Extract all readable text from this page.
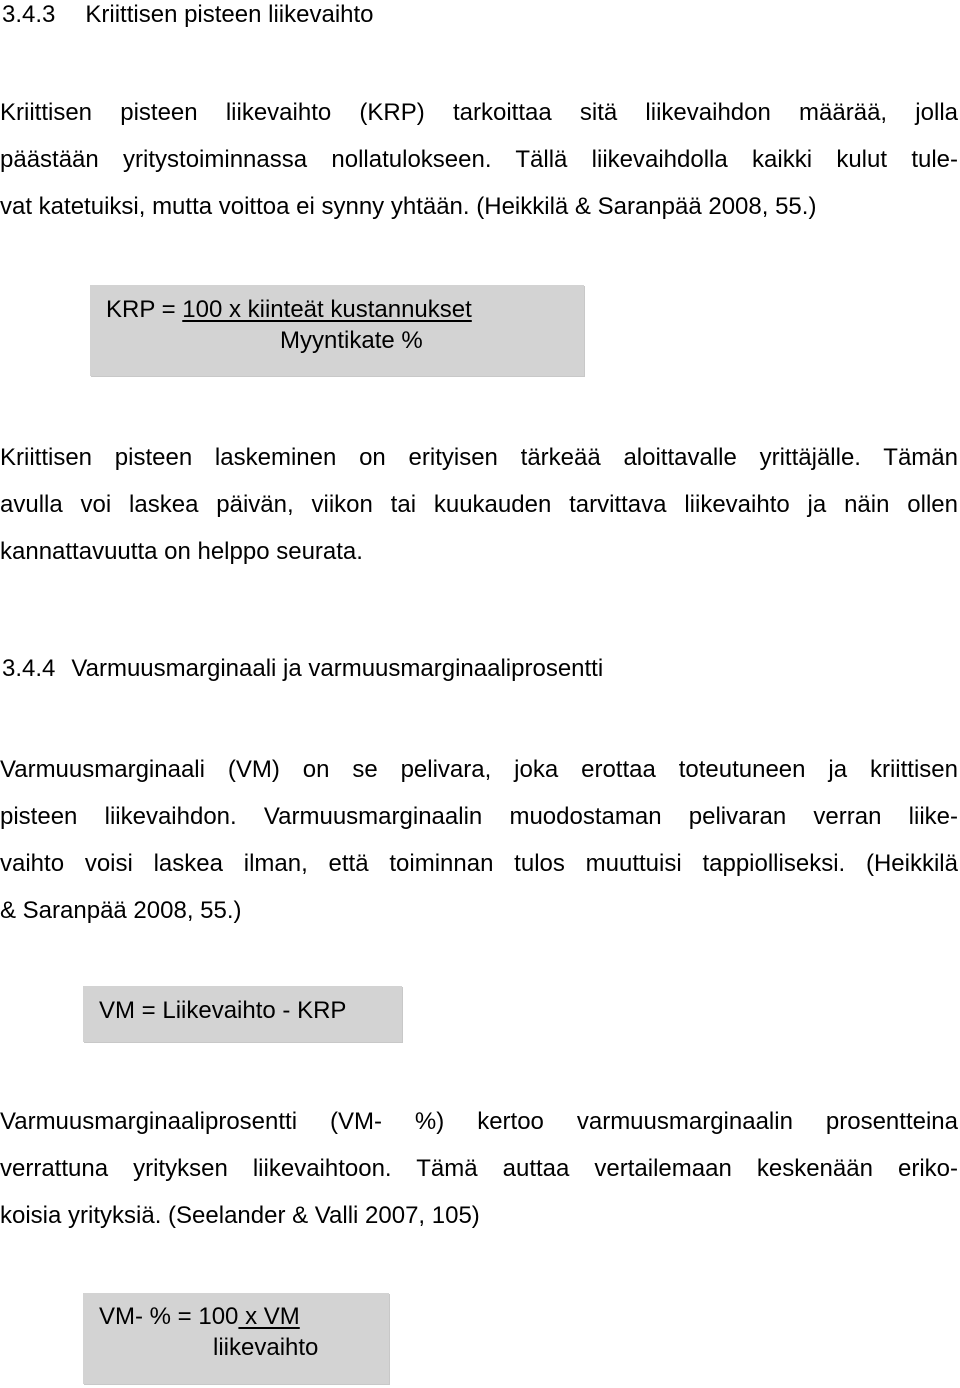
3.4.3 Kriittisen pisteen liikevaihto
Kriittisen pisteen liikevaihto (KRP) tarkoittaa sitä liikevaihdon määrää, jolla
päästään yritystoiminnassa nollatulokseen. Tällä liikevaihdolla kaikki kulut tule-
vat katetuiksi, mutta voittoa ei synny yhtään. (Heikkilä & Saranpää 2008, 55.)
KRP = 100 x kiinteät kustannukset
Myyntikate %
Kriittisen pisteen laskeminen on erityisen tärkeää aloittavalle yrittäjälle. Tämän
avulla voi laskea päivän, viikon tai kuukauden tarvittava liikevaihto ja näin ollen
kannattavuutta on helppo seurata.
3.4.4 Varmuusmarginaali ja varmuusmarginaaliprosentti
Varmuusmarginaali (VM) on se pelivara, joka erottaa toteutuneen ja kriittisen
pisteen liikevaihdon. Varmuusmarginaalin muodostaman pelivaran verran liike-
vaihto voisi laskea ilman, että toiminnan tulos muuttuisi tappiolliseksi. (Heikkilä
& Saranpää 2008, 55.)
VM = Liikevaihto - KRP
Varmuusmarginaaliprosentti (VM- %) kertoo varmuusmarginaalin prosentteina
verrattuna yrityksen liikevaihtoon. Tämä auttaa vertailemaan keskenään eriko-
koisia yrityksiä. (Seelander & Valli 2007, 105)
VM- % = 100 x VM
liikevaihto
